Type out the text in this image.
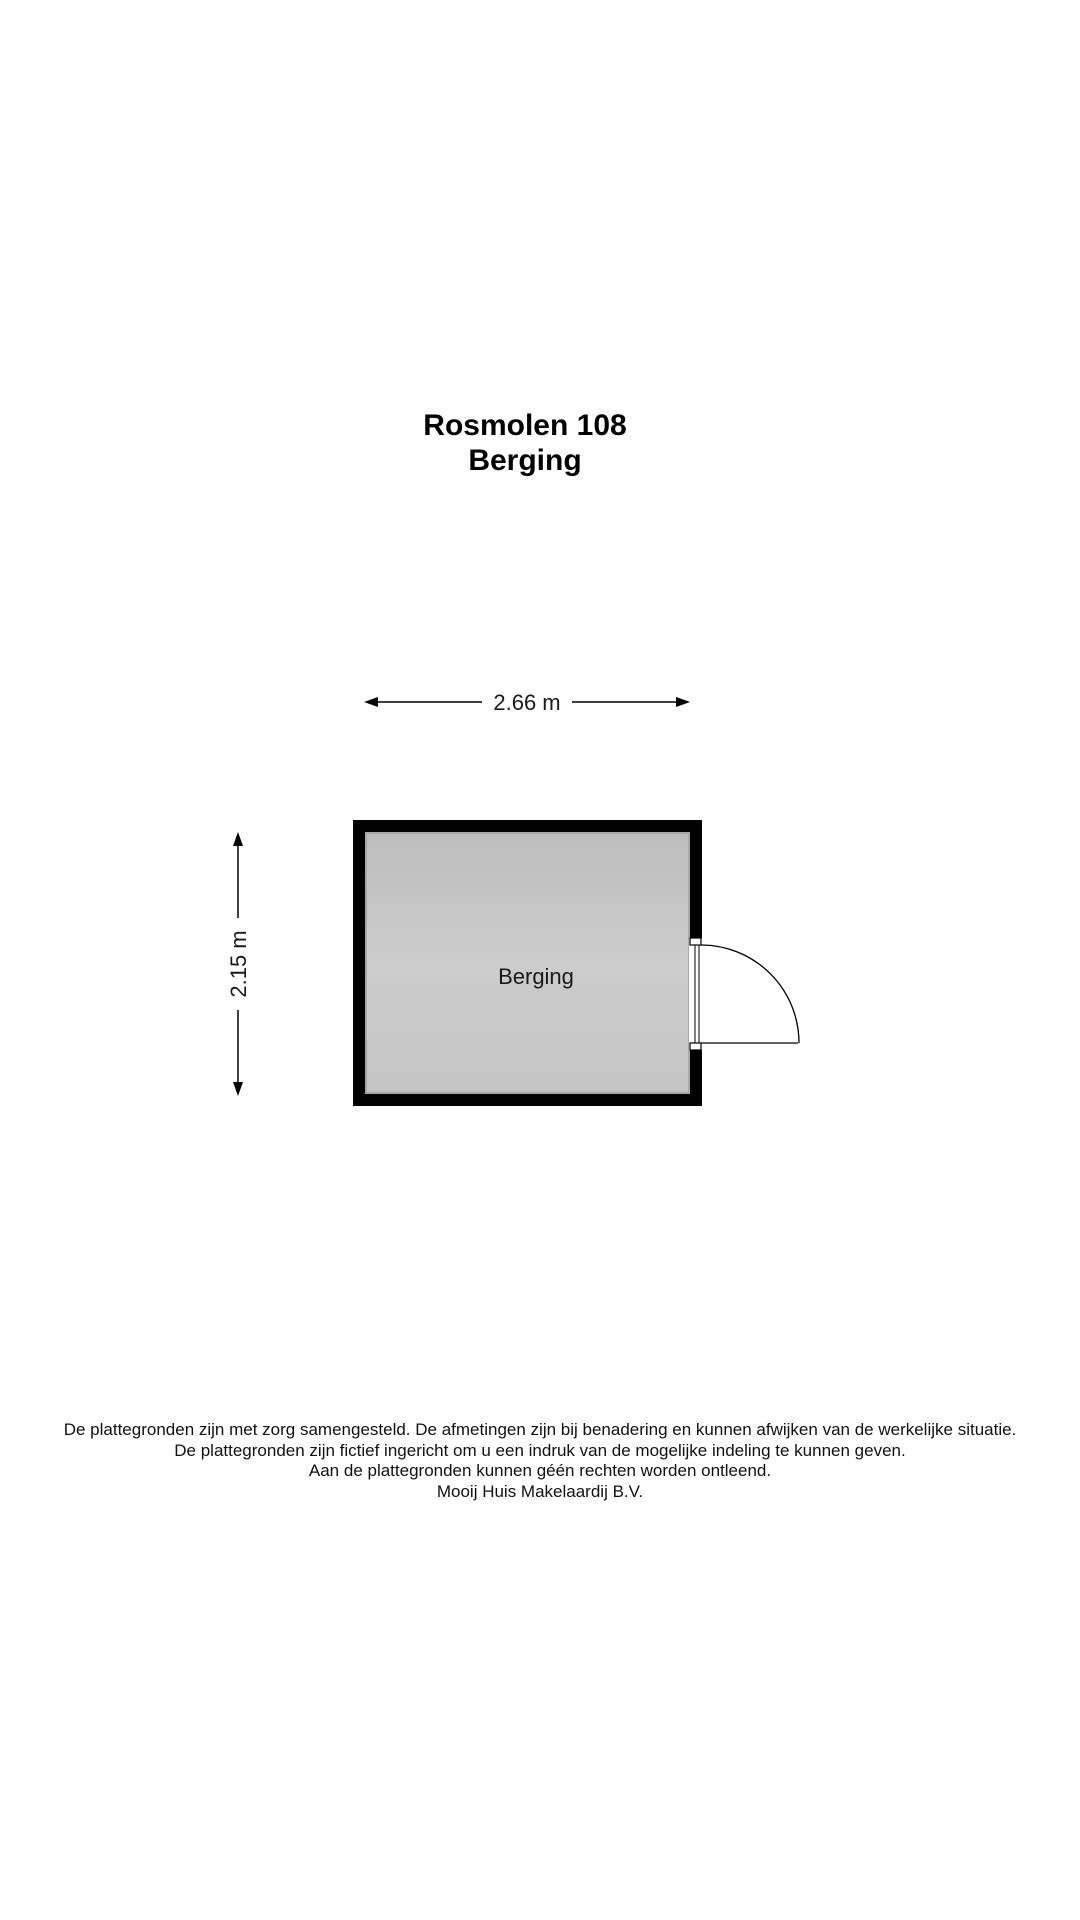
Rosmolen 108
Berging
2.66 m
2.15 m	Berging
De plattegronden zijn met zorg samengesteld. De afmetingen zijn bij benadering en kunnen afwijken van de werkelijke situatie.
De plattegronden zijn fictief ingericht om u een indruk van de mogelijke indeling te kunnen geven.
Aan de plattegronden kunnen géén rechten worden ontleend.
Mooij Huis Makelaardij B.V.
